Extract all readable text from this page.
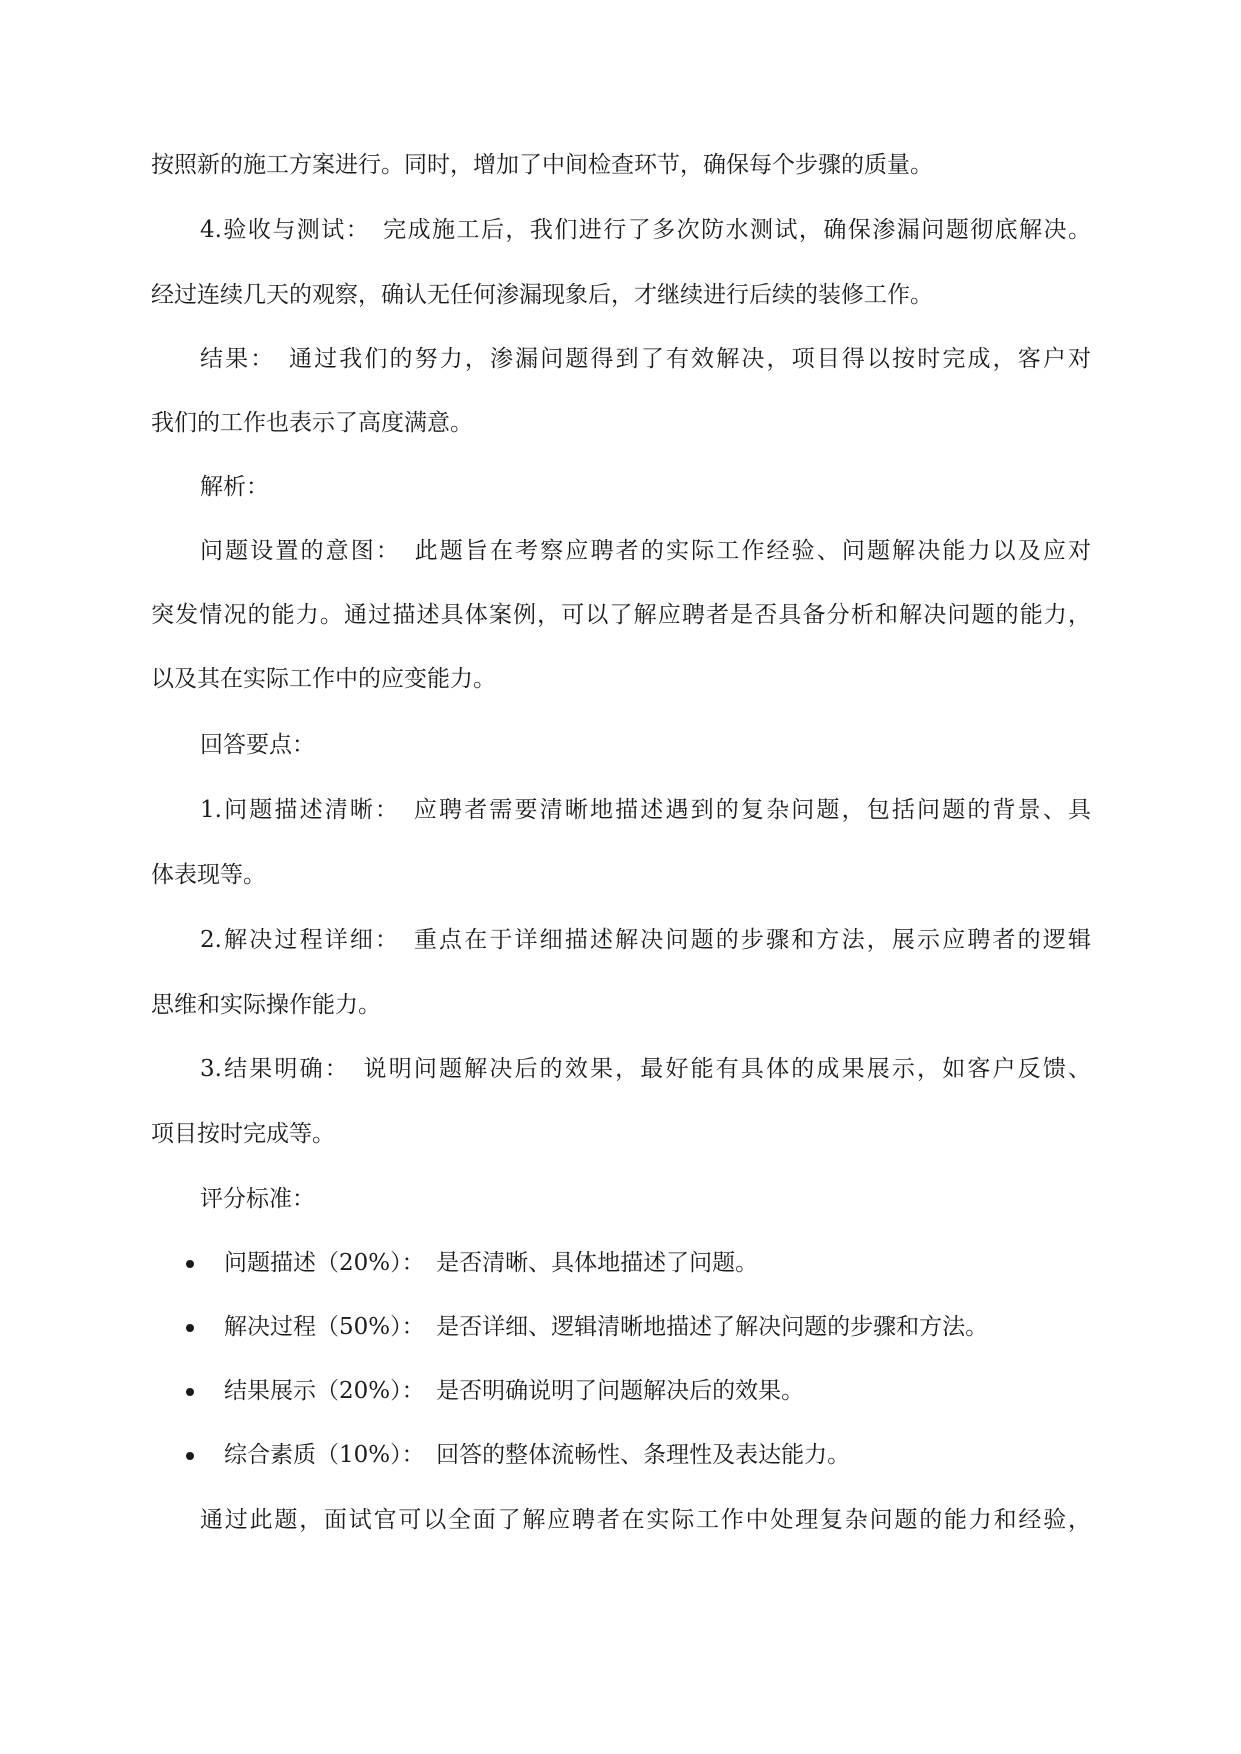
按照新的施工方案进行。同时，增加了中间检查环节，确保每个步骤的质量。
4.验收与测试：　完成施工后，我们进行了多次防水测试，确保渗漏问题彻底解决。
经过连续几天的观察，确认无任何渗漏现象后，才继续进行后续的装修工作。
结果：　通过我们的努力，渗漏问题得到了有效解决，项目得以按时完成，客户对
我们的工作也表示了高度满意。
解析：
问题设置的意图：　此题旨在考察应聘者的实际工作经验、问题解决能力以及应对
突发情况的能力。通过描述具体案例，可以了解应聘者是否具备分析和解决问题的能力，
以及其在实际工作中的应变能力。
回答要点：
1.问题描述清晰：　应聘者需要清晰地描述遇到的复杂问题，包括问题的背景、具
体表现等。
2.解决过程详细：　重点在于详细描述解决问题的步骤和方法，展示应聘者的逻辑
思维和实际操作能力。
3.结果明确：　说明问题解决后的效果，最好能有具体的成果展示，如客户反馈、
项目按时完成等。
评分标准：
问题描述（20%）：　是否清晰、具体地描述了问题。
解决过程（50%）：　是否详细、逻辑清晰地描述了解决问题的步骤和方法。
结果展示（20%）：　是否明确说明了问题解决后的效果。
综合素质（10%）：　回答的整体流畅性、条理性及表达能力。
通过此题，面试官可以全面了解应聘者在实际工作中处理复杂问题的能力和经验，
